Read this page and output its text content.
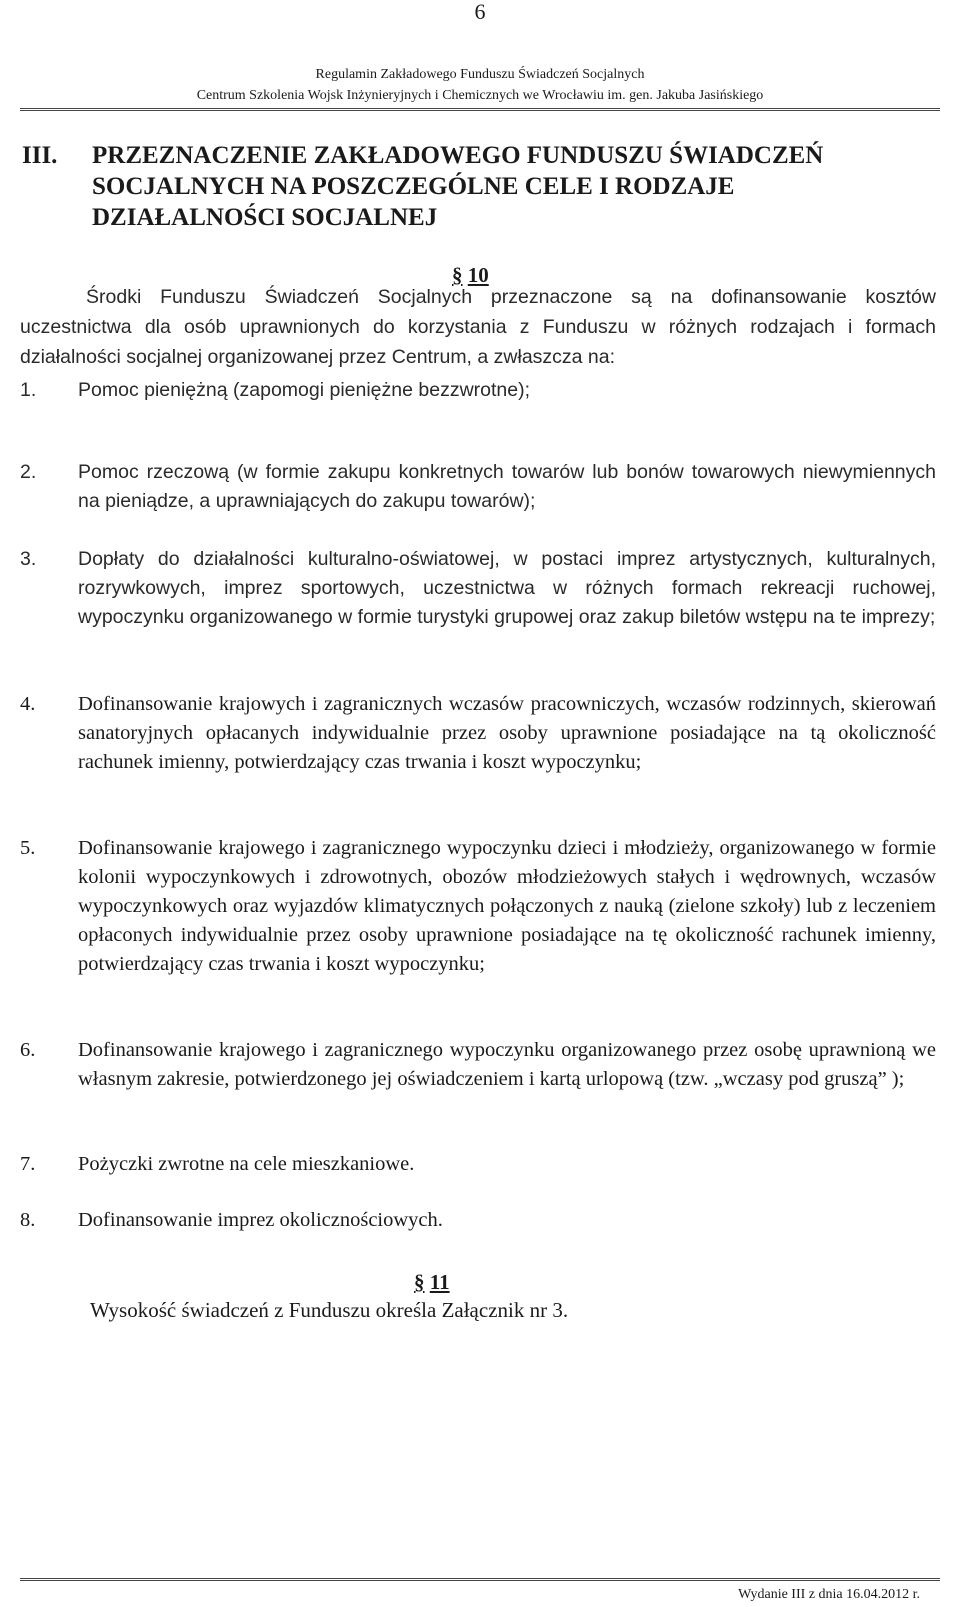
6
Regulamin Zakładowego Funduszu Świadczeń Socjalnych
Centrum Szkolenia Wojsk Inżynieryjnych i Chemicznych we Wrocławiu im. gen. Jakuba Jasińskiego
III. PRZEZNACZENIE ZAKŁADOWEGO FUNDUSZU ŚWIADCZEŃ SOCJALNYCH NA POSZCZEGÓLNE CELE I RODZAJE DZIAŁALNOŚCI SOCJALNEJ
§ 10
Środki Funduszu Świadczeń Socjalnych przeznaczone są na dofinansowanie kosztów uczestnictwa dla osób uprawnionych do korzystania z Funduszu w różnych rodzajach i formach działalności socjalnej organizowanej przez Centrum, a zwłaszcza na:
1.	Pomoc pieniężną (zapomogi pieniężne bezzwrotne);
2.	Pomoc rzeczową (w formie zakupu konkretnych towarów lub bonów towarowych niewymiennych na pieniądze, a uprawniających do zakupu towarów);
3.	Dopłaty do działalności kulturalno-oświatowej, w postaci imprez artystycznych, kulturalnych, rozrywkowych, imprez sportowych, uczestnictwa w różnych formach rekreacji ruchowej, wypoczynku organizowanego w formie turystyki grupowej oraz zakup biletów wstępu na te imprezy;
4.	Dofinansowanie krajowych i zagranicznych wczasów pracowniczych, wczasów rodzinnych, skierowań sanatoryjnych opłacanych indywidualnie przez osoby uprawnione posiadające na tą okoliczność rachunek imienny, potwierdzający czas trwania i koszt wypoczynku;
5.	Dofinansowanie krajowego i zagranicznego wypoczynku dzieci i młodzieży, organizowanego w formie kolonii wypoczynkowych i zdrowotnych, obozów młodzieżowych stałych i wędrownych, wczasów wypoczynkowych oraz wyjazdów klimatycznych połączonych z nauką (zielone szkoły) lub z leczeniem opłaconych indywidualnie przez osoby uprawnione posiadające na tę okoliczność rachunek imienny, potwierdzający czas trwania i koszt wypoczynku;
6.	Dofinansowanie krajowego i zagranicznego wypoczynku organizowanego przez osobę uprawnioną we własnym zakresie, potwierdzonego jej oświadczeniem i kartą urlopową (tzw. „wczasy pod gruszą” );
7.	Pożyczki zwrotne na cele mieszkaniowe.
8.	Dofinansowanie imprez okolicznościowych.
§ 11
Wysokość świadczeń z Funduszu określa Załącznik nr 3.
Wydanie III z dnia 16.04.2012 r.
